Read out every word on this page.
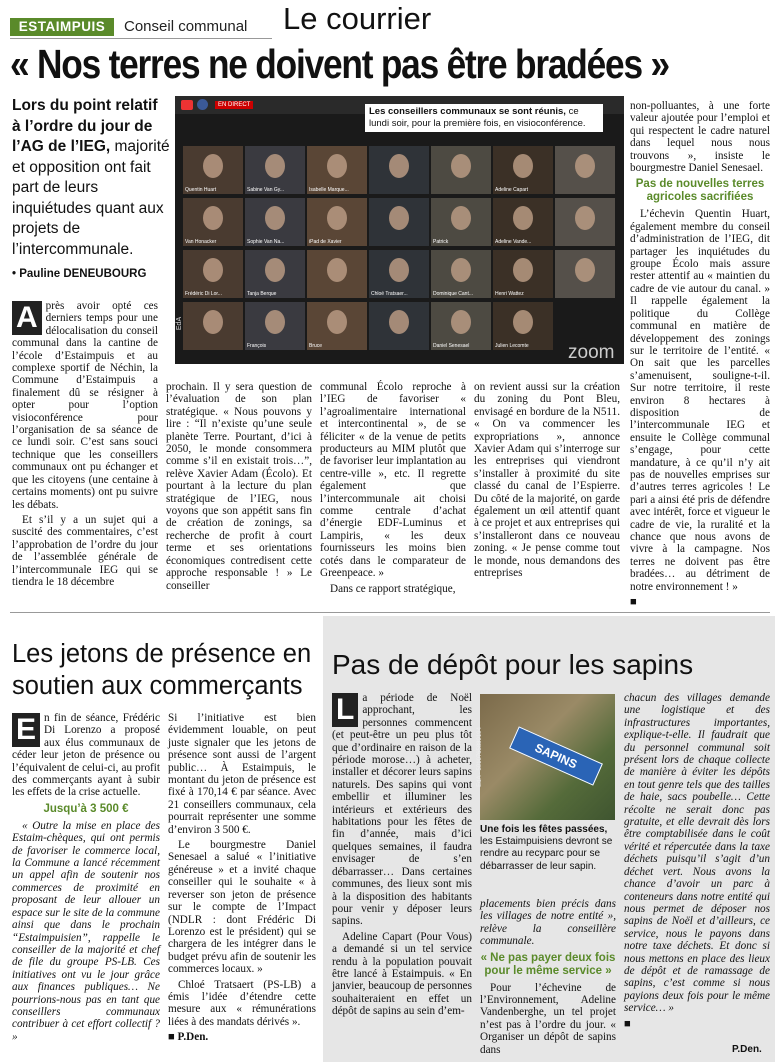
ESTAIMPUIS	Conseil communal Le courrier
« Nos terres ne doivent pas être bradées »
Lors du point relatif à l’ordre du jour de l’AG de l’IEG, majorité et opposition ont fait part de leurs inquiétudes quant aux projets de l’intercommunale.
• Pauline DENEUBOURG
EN DIRECT
Les conseillers communaux se sont réunis, ce lundi soir, pour la première fois, en visioconférence.
Quentin Huart	Sabine Van Gy...	Isabelle Marque...	Adeline Capart
Van Honacker	Sophie Van Na...	iPad de Xavier	Patrick	Adeline Vande...
Frédéric Di Lor...	Tanja Berque	Chloé Tratsaer...	Dominique Cant...	Henri Wattez
François	Bruce	Daniel Senesael	Julien Lecomte zoom
EdA
A près avoir opté ces derniers temps pour une délocalisation du conseil communal dans la cantine de l’école d’Estaimpuis et au complexe sportif de Néchin, la Commune d’Estaimpuis a finalement dû se résigner à opter pour l’option visioconférence pour l’organisation de sa séance de ce lundi soir. C’est sans souci technique que les conseillers communaux ont pu échanger et que les citoyens (une centaine à certains moments) ont pu suivre les débats.

Et s’il y a un sujet qui a suscité des commentaires, c’est l’approbation de l’ordre du jour de l’assemblée générale de l’intercommunale IEG qui se tiendra le 18 décembre

prochain. Il y sera question de l’évaluation de son plan stratégique. « Nous pouvons y lire : “Il n’existe qu’une seule planète Terre. Pourtant, d’ici à 2050, le monde consommera comme s’il en existait trois…”, relève Xavier Adam (Écolo). Et pourtant à la lecture du plan stratégique de l’IEG, nous voyons que son appétit sans fin de création de zonings, sa recherche de profit à court terme et ses orientations économiques contredisent cette approche responsable ! » Le conseiller

communal Écolo reproche à l’IEG de favoriser « l’agroalimentaire international et intercontinental », de se féliciter « de la venue de petits producteurs au MIM plutôt que de favoriser leur implantation au centre-ville », etc. Il regrette également que l’intercommunale ait choisi comme centrale d’achat d’énergie EDF-Luminus et Lampiris, « les deux fournisseurs les moins bien cotés dans le comparateur de Greenpeace. »

Dans ce rapport stratégique,

on revient aussi sur la création du zoning du Pont Bleu, envisagé en bordure de la N511. « On va commencer les expropriations », annonce Xavier Adam qui s’interroge sur les entreprises qui viendront s’installer à proximité du site classé du canal de l’Espierre. Du côté de la majorité, on garde également un œil attentif quant à ce projet et aux entreprises qui s’installeront dans ce nouveau zoning. « Je pense comme tout le monde, nous demandons des entreprises

non-polluantes, à une forte valeur ajoutée pour l’emploi et qui respectent le cadre naturel dans lequel nous nous trouvons », insiste le bourgmestre Daniel Senesael.

Pas de nouvelles terres agricoles sacrifiées

L’échevin Quentin Huart, également membre du conseil d’administration de l’IEG, dit partager les inquiétudes du groupe Écolo mais assure rester attentif au « maintien du cadre de vie autour du canal. » Il rappelle également la politique du Collège communal en matière de développement des zonings sur le territoire de l’entité. « On sait que les parcelles s’amenuisent, souligne-t-il. Sur notre territoire, il reste environ 8 hectares à disposition de l’intercommunale IEG et ensuite le Collège communal s’engage, pour cette mandature, à ce qu’il n’y ait pas de nouvelles emprises sur d’autres terres agricoles ! Le pari a ainsi été pris de défendre avec intérêt, force et vigueur le cadre de vie, la ruralité et la chance que nous avons de vivre à la campagne. Nos terres ne doivent pas être bradées… au détriment de notre environnement ! »

■
Les jetons de présence en soutien aux commerçants
E n fin de séance, Frédéric Di Lorenzo a proposé aux élus communaux de céder leur jeton de présence ou l’équivalent de celui-ci, au profit des commerçants ayant à subir les effets de la crise actuelle.

Jusqu’à 3 500 €

« Outre la mise en place des Estaim-chèques, qui ont permis de favoriser le commerce local, la Commune a lancé récemment un appel afin de soutenir nos commerces de proximité en proposant de leur allouer un espace sur le site de la commune ainsi que dans le prochain “Estaimpuisien”, rappelle le conseiller de la majorité et chef de file du groupe PS-LB. Ces initiatives ont vu le jour grâce aux finances publiques… Ne pourrions-nous pas en tant que conseillers communaux contribuer à cet effort collectif ? »

Si l’initiative est bien évidemment louable, on peut juste signaler que les jetons de présence sont aussi de l’argent public… À Estaimpuis, le montant du jeton de présence est fixé à 170,14 € par séance. Avec 21 conseillers communaux, cela pourrait représenter une somme d’environ 3 500 €.

Le bourgmestre Daniel Senesael a salué « l’initiative généreuse » et a invité chaque conseiller qui le souhaite « à reverser son jeton de présence sur le compte de l’Impact (NDLR : dont Frédéric Di Lorenzo est le président) qui se chargera de les intégrer dans le budget prévu afin de soutenir les commerces locaux. »

Chloé Tratsaert (PS-LB) a émis l’idée d’étendre cette mesure aux « rémunérations liées à des mandats dérivés ».

■ P.Den.
Pas de dépôt pour les sapins
L a période de Noël approchant, les personnes commencent (et peut-être un peu plus tôt que d’ordinaire en raison de la période morose…) à acheter, installer et décorer leurs sapins naturels. Des sapins qui vont embellir et illuminer les intérieurs et extérieurs des habitations pour les fêtes de fin d’année, mais d’ici quelques semaines, il faudra envisager de s’en débarrasser… Dans certaines communes, des lieux sont mis à la disposition des habitants pour venir y déposer leurs sapins.

Adeline Capart (Pour Vous) a demandé si un tel service rendu à la population pouvait être lancé à Estaimpuis. « En janvier, beaucoup de personnes souhaiteraient en effet un dépôt de sapins au sein d’em-

SAPINS
EdA - 5010765889194
Une fois les fêtes passées, les Estaimpuisiens devront se rendre au recyparc pour se débarrasser de leur sapin.

placements bien précis dans les villages de notre entité », relève la conseillère communale.

« Ne pas payer deux fois pour le même service »

Pour l’échevine de l’Environnement, Adeline Vandenberghe, un tel projet n’est pas à l’ordre du jour. « Organiser un dépôt de sapins dans

chacun des villages demande une logistique et des infrastructures importantes, explique-t-elle. Il faudrait que du personnel communal soit présent lors de chaque collecte de manière à éviter les dépôts en tout genre tels que des tailles de haie, sacs poubelle… Cette récolte ne serait donc pas gratuite, et elle devrait dès lors être comptabilisée dans le coût vérité et répercutée dans la taxe déchets puisqu’il s’agit d’un déchet vert. Nous avons la chance d’avoir un parc à conteneurs dans notre entité qui nous permet de déposer nos sapins de Noël et d’ailleurs, ce service, nous le payons dans notre taxe déchets. Et donc si nous mettons en place des lieux de dépôt et de ramassage de sapins, c’est comme si nous payions deux fois pour le même service… »

■
P.Den.
